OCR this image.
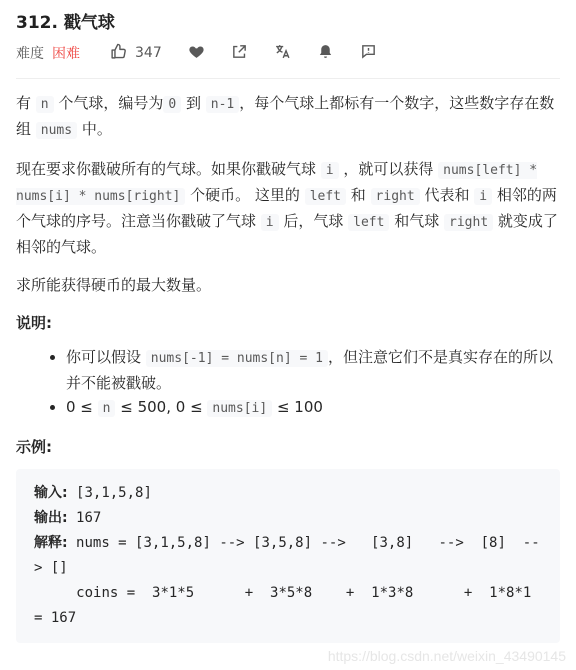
312. 戳气球
难度 困难	347

有 n 个气球，编号为 0 到 n-1 ，每个气球上都标有一个数字，这些数字存在数组 nums 中。

现在要求你戳破所有的气球。如果你戳破气球 i ，就可以获得 nums[left] * nums[i] * nums[right] 个硬币。 这里的 left 和 right 代表和 i 相邻的两个气球的序号。注意当你戳破了气球 i 后，气球 left 和气球 right 就变成了相邻的气球。

求所能获得硬币的最大数量。

说明:
• 你可以假设 nums[-1] = nums[n] = 1 ，但注意它们不是真实存在的所以并不能被戳破。
• 0 ≤ n ≤ 500, 0 ≤ nums[i] ≤ 100
示例:
输入: [3,1,5,8]
输出: 167
解释: nums = [3,1,5,8] --> [3,5,8] -->   [3,8]   -->  [8]  --> []
coins =  3*1*5      +  3*5*8    +  1*3*8      +  1*8*1   = 167
https://blog.csdn.net/weixin_43490145
